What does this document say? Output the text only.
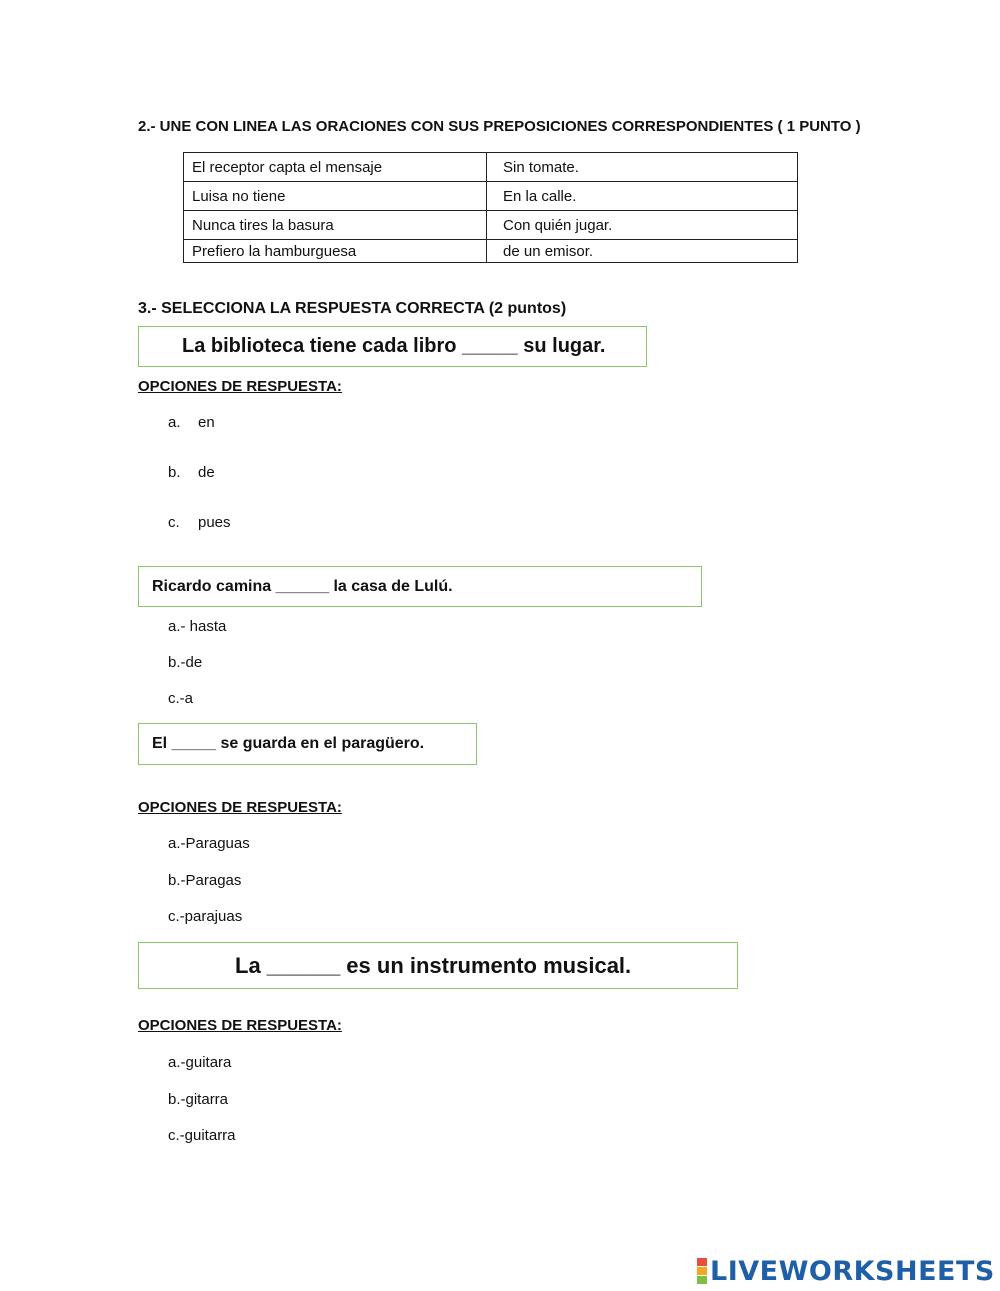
2.- UNE CON LINEA LAS ORACIONES CON SUS PREPOSICIONES CORRESPONDIENTES ( 1 PUNTO )
El receptor capta el mensaje	Sin tomate.
Luisa no tiene	En la calle.
Nunca tires la basura	Con quién jugar.
Prefiero la hamburguesa	de un emisor.
3.- SELECCIONA LA RESPUESTA CORRECTA (2 puntos)
La biblioteca tiene cada libro _____ su lugar.
OPCIONES DE RESPUESTA:
a. en
b. de
c. pues
Ricardo camina ______ la casa de Lulú.
a.- hasta
b.-de
c.-a
El _____ se guarda en el paragüero.
OPCIONES DE RESPUESTA:
a.-Paraguas
b.-Paragas
c.-parajuas
La ______ es un instrumento musical.
OPCIONES DE RESPUESTA:
a.-guitara
b.-gitarra
c.-guitarra
LIVEWORKSHEETS
